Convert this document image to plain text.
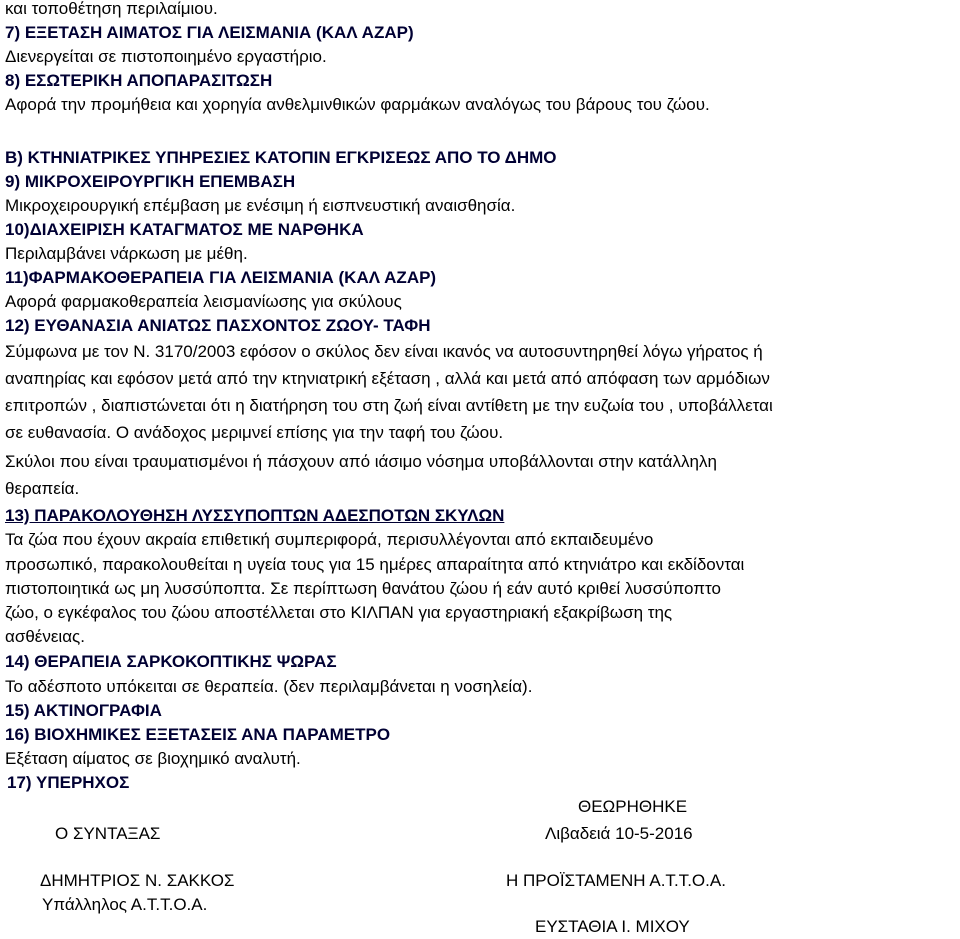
και τοποθέτηση περιλαίμιου.
7) ΕΞΕΤΑΣΗ ΑΙΜΑΤΟΣ ΓΙΑ ΛΕΙΣΜΑΝΙΑ (ΚΑΛ ΑΖΑΡ)
Διενεργείται σε πιστοποιημένο εργαστήριο.
8) ΕΣΩΤΕΡΙΚΗ ΑΠΟΠΑΡΑΣΙΤΩΣΗ
Αφορά την προμήθεια και χορηγία ανθελμινθικών φαρμάκων αναλόγως του βάρους του ζώου.
Β) ΚΤΗΝΙΑΤΡΙΚΕΣ ΥΠΗΡΕΣΙΕΣ ΚΑΤΟΠΙΝ ΕΓΚΡΙΣΕΩΣ ΑΠΟ ΤΟ ΔΗΜΟ
9) ΜΙΚΡΟΧΕΙΡΟΥΡΓΙΚΗ ΕΠΕΜΒΑΣΗ
Μικροχειρουργική επέμβαση με ενέσιμη ή εισπνευστική αναισθησία.
10)ΔΙΑΧΕΙΡΙΣΗ ΚΑΤΑΓΜΑΤΟΣ ΜΕ ΝΑΡΘΗΚΑ
Περιλαμβάνει νάρκωση με μέθη.
11)ΦΑΡΜΑΚΟΘΕΡΑΠΕΙΑ ΓΙΑ ΛΕΙΣΜΑΝΙΑ (ΚΑΛ ΑΖΑΡ)
Αφορά φαρμακοθεραπεία λεισμανίωσης για σκύλους
12) ΕΥΘΑΝΑΣΙΑ ΑΝΙΑΤΩΣ ΠΑΣΧΟΝΤΟΣ ΖΩΟΥ- ΤΑΦΗ
Σύμφωνα με τον Ν. 3170/2003 εφόσον ο σκύλος δεν είναι ικανός να αυτοσυντηρηθεί λόγω γήρατος ή
αναπηρίας και εφόσον μετά από την κτηνιατρική εξέταση , αλλά και μετά από απόφαση των αρμόδιων
επιτροπών , διαπιστώνεται ότι η διατήρηση του στη ζωή είναι αντίθετη με την ευζωία του , υποβάλλεται
σε ευθανασία. Ο ανάδοχος μεριμνεί επίσης για την ταφή του ζώου.
Σκύλοι που είναι τραυματισμένοι ή πάσχουν από ιάσιμο νόσημα υποβάλλονται στην κατάλληλη
θεραπεία.
13) ΠΑΡΑΚΟΛΟΥΘΗΣΗ ΛΥΣΣΥΠΟΠΤΩΝ ΑΔΕΣΠΟΤΩΝ ΣΚΥΛΩΝ
Τα ζώα που έχουν ακραία επιθετική συμπεριφορά, περισυλλέγονται από εκπαιδευμένο
προσωπικό, παρακολουθείται η υγεία τους για 15 ημέρες απαραίτητα από κτηνιάτρο και εκδίδονται
πιστοποιητικά ως μη λυσσύποπτα. Σε περίπτωση θανάτου ζώου ή εάν αυτό κριθεί λυσσύποπτο
ζώο, ο εγκέφαλος του ζώου αποστέλλεται στο ΚΙΛΠΑΝ για εργαστηριακή εξακρίβωση της
ασθένειας.
14) ΘΕΡΑΠΕΙΑ ΣΑΡΚΟΚΟΠΤΙΚΗΣ ΨΩΡΑΣ
Το αδέσποτο υπόκειται σε θεραπεία. (δεν περιλαμβάνεται η νοσηλεία).
15) ΑΚΤΙΝΟΓΡΑΦΙΑ
16) ΒΙΟΧΗΜΙΚΕΣ ΕΞΕΤΑΣΕΙΣ ΑΝΑ ΠΑΡΑΜΕΤΡΟ
Εξέταση αίματος σε βιοχημικό αναλυτή.
17) ΥΠΕΡΗΧΟΣ
ΘΕΩΡΗΘΗΚΕ
Ο ΣΥΝΤΑΞΑΣ	Λιβαδειά 10-5-2016
ΔΗΜΗΤΡΙΟΣ Ν. ΣΑΚΚΟΣ	Η ΠΡΟΪΣΤΑΜΕΝΗ Α.Τ.Τ.Ο.Α.
Υπάλληλος Α.Τ.Τ.Ο.Α.
ΕΥΣΤΑΘΙΑ Ι. ΜΙΧΟΥ
